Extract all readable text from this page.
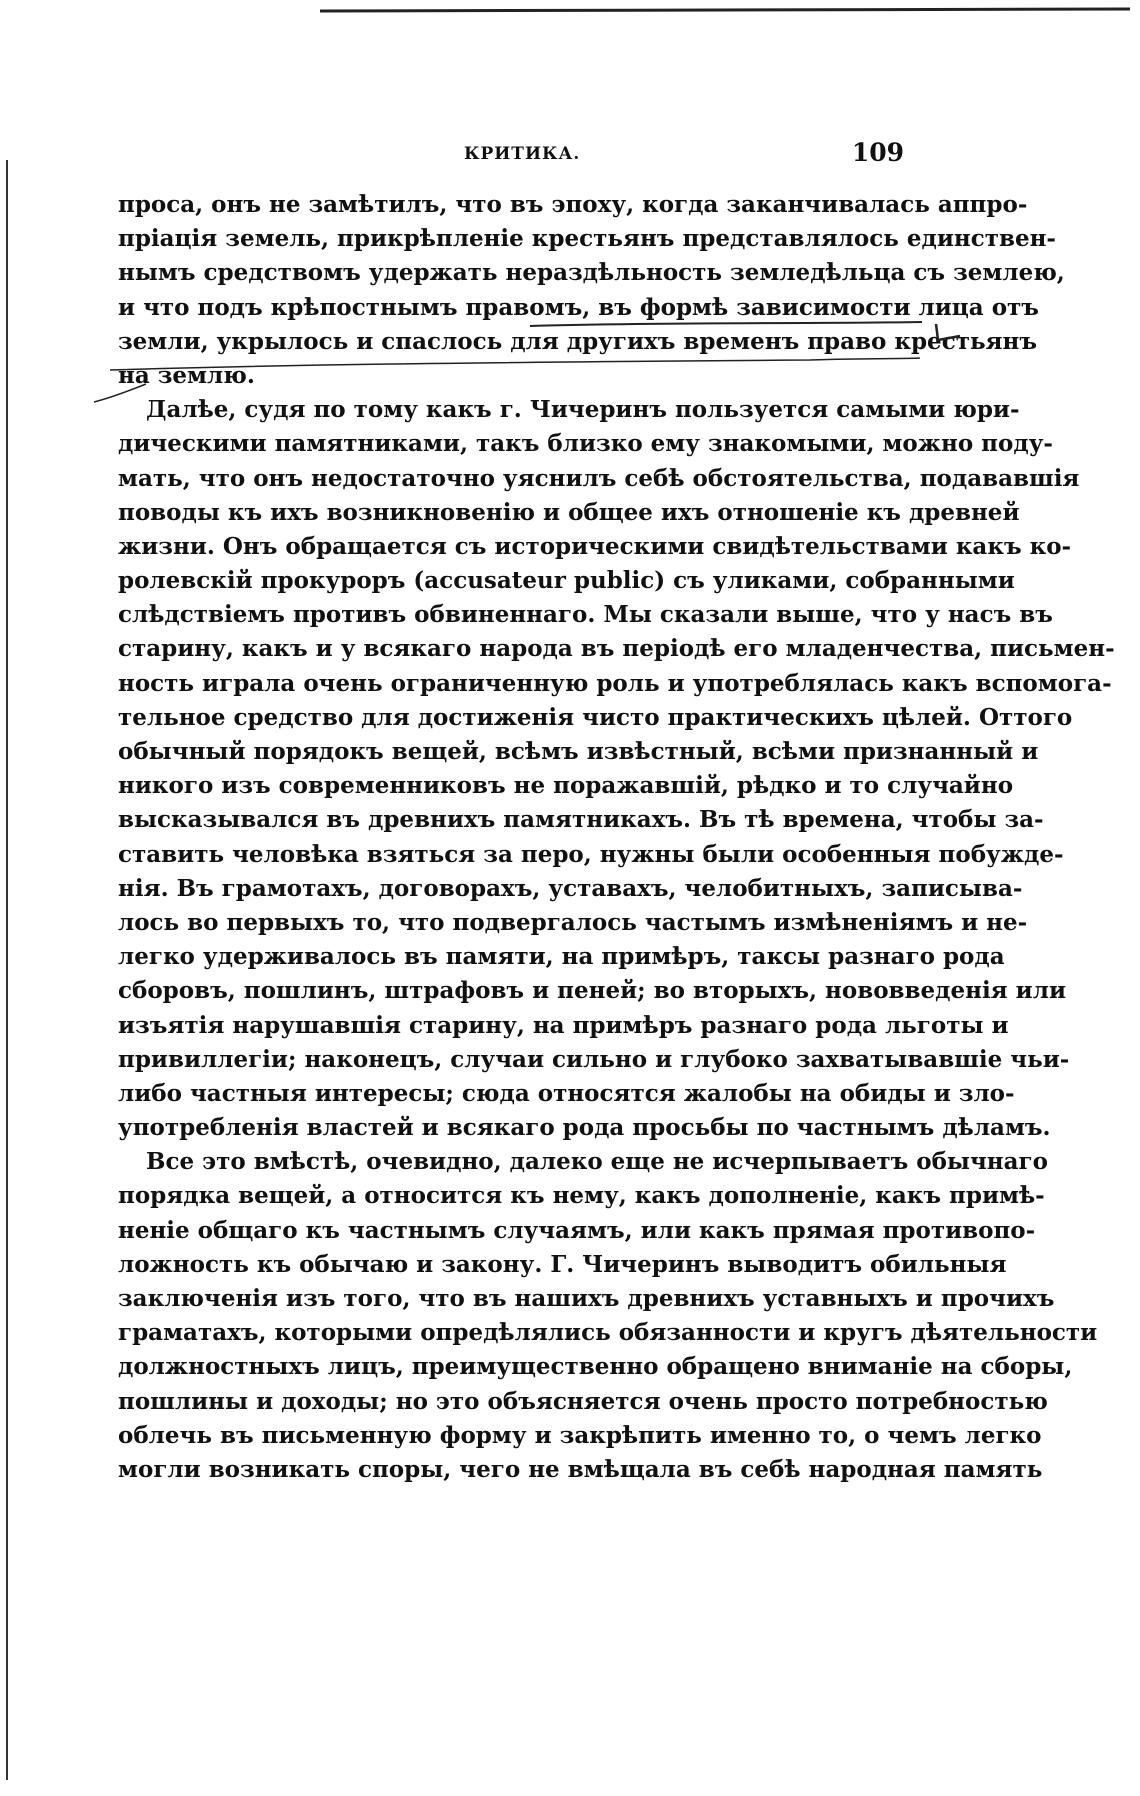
КРИТИКА.	109
проса, онъ не замѣтилъ, что въ эпоху, когда заканчивалась аппро-
пріація земель, прикрѣпленіе крестьянъ представлялось единствен-
нымъ средствомъ удержать нераздѣльность земледѣльца съ землею,
и что подъ крѣпостнымъ правомъ, въ формѣ зависимости лица отъ
земли, укрылось и спаслось для другихъ временъ право крестьянъ
на землю.
Далѣе, судя по тому какъ г. Чичеринъ пользуется самыми юри-
дическими памятниками, такъ близко ему знакомыми, можно поду-
мать, что онъ недостаточно уяснилъ себѣ обстоятельства, подававшія
поводы къ ихъ возникновенію и общее ихъ отношеніе къ древней
жизни. Онъ обращается съ историческими свидѣтельствами какъ ко-
ролевскій прокуроръ (accusateur public) съ уликами, собранными
слѣдствіемъ противъ обвиненнаго. Мы сказали выше, что у насъ въ
старину, какъ и у всякаго народа въ періодѣ его младенчества, письмен-
ность играла очень ограниченную роль и употреблялась какъ вспомога-
тельное средство для достиженія чисто практическихъ цѣлей. Оттого
обычный порядокъ вещей, всѣмъ извѣстный, всѣми признанный и
никого изъ современниковъ не поражавшій, рѣдко и то случайно
высказывался въ древнихъ памятникахъ. Въ тѣ времена, чтобы за-
ставить человѣка взяться за перо, нужны были особенныя побужде-
нія. Въ грамотахъ, договорахъ, уставахъ, челобитныхъ, записыва-
лось во первыхъ то, что подвергалось частымъ измѣненіямъ и не-
легко удерживалось въ памяти, на примѣръ, таксы разнаго рода
сборовъ, пошлинъ, штрафовъ и пеней; во вторыхъ, нововведенія или
изъятія нарушавшія старину, на примѣръ разнаго рода льготы и
привиллегіи; наконецъ, случаи сильно и глубоко захватывавшіе чьи-
либо частныя интересы; сюда относятся жалобы на обиды и зло-
употребленія властей и всякаго рода просьбы по частнымъ дѣламъ.
Все это вмѣстѣ, очевидно, далеко еще не исчерпываетъ обычнаго
порядка вещей, а относится къ нему, какъ дополненіе, какъ примѣ-
неніе общаго къ частнымъ случаямъ, или какъ прямая противопо-
ложность къ обычаю и закону. Г. Чичеринъ выводитъ обильныя
заключенія изъ того, что въ нашихъ древнихъ уставныхъ и прочихъ
граматахъ, которыми опредѣлялись обязанности и кругъ дѣятельности
должностныхъ лицъ, преимущественно обращено вниманіе на сборы,
пошлины и доходы; но это объясняется очень просто потребностью
облечь въ письменную форму и закрѣпить именно то, о чемъ легко
могли возникать споры, чего не вмѣщала въ себѣ народная память
